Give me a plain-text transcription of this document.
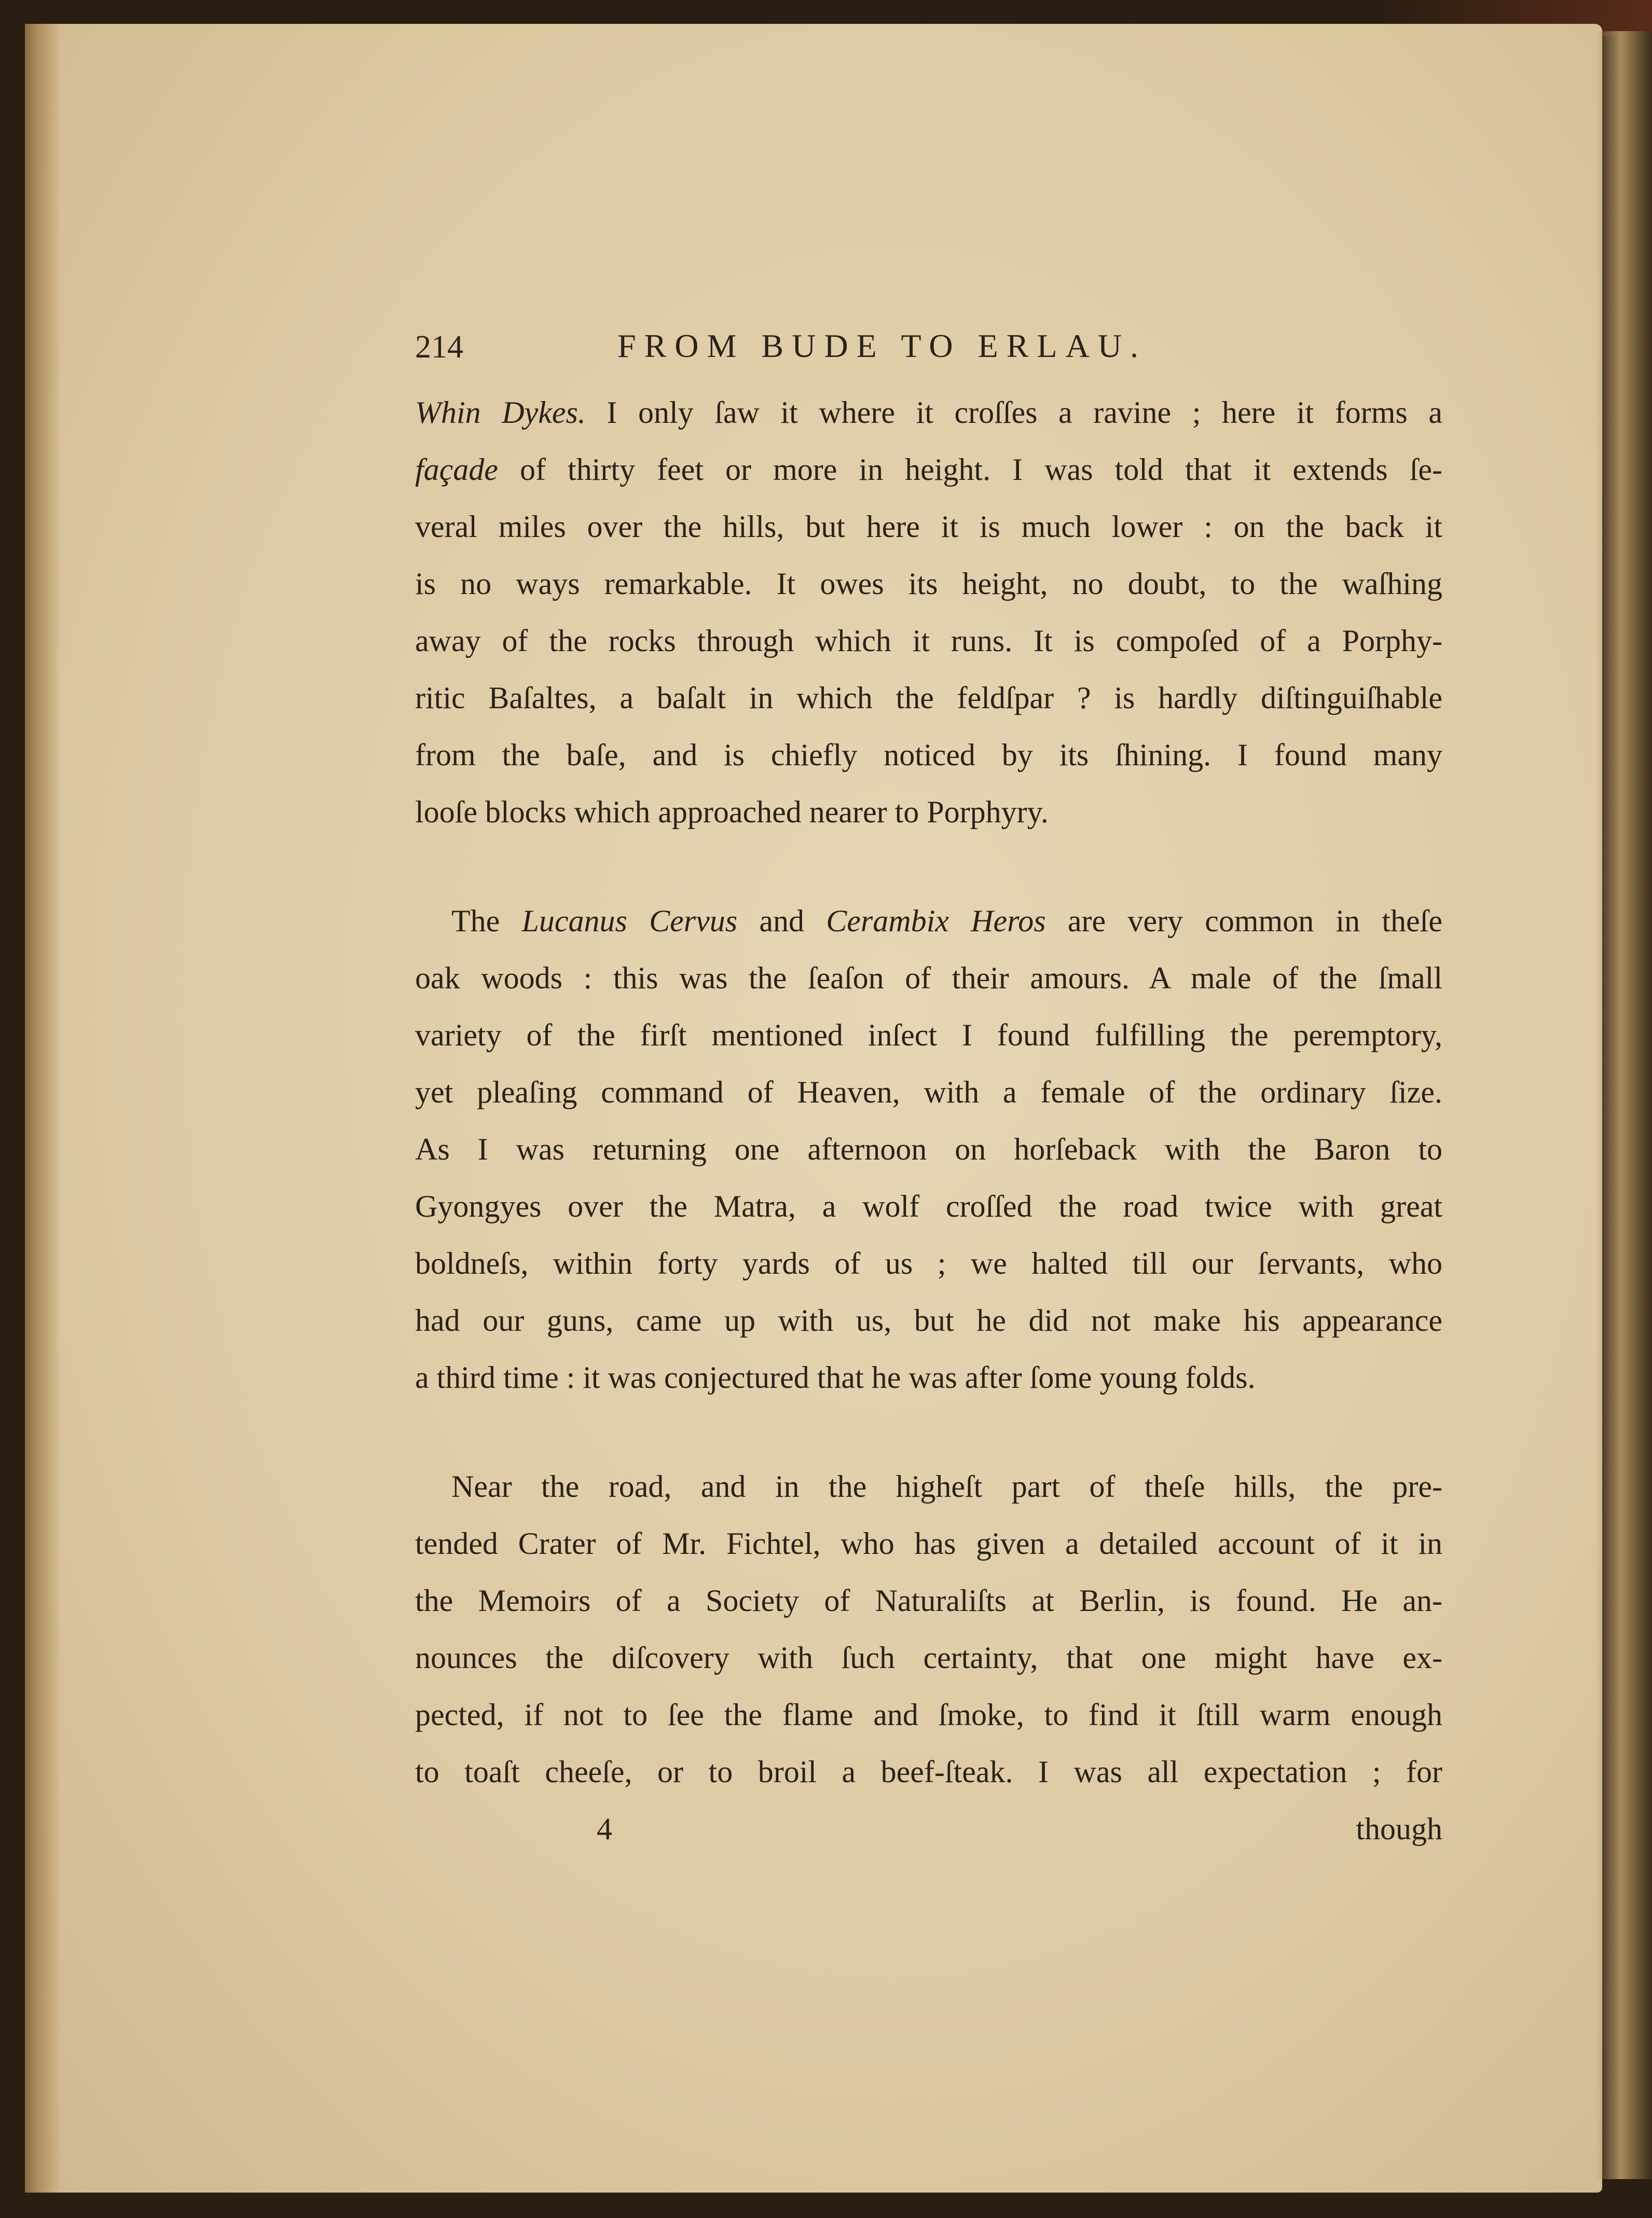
214	FROM BUDE TO ERLAU.

Whin Dykes. I only ſaw it where it croſſes a ravine ; here it forms a

façade of thirty feet or more in height. I was told that it extends ſe-

veral miles over the hills, but here it is much lower : on the back it

is no ways remarkable. It owes its height, no doubt, to the waſhing

away of the rocks through which it runs. It is compoſed of a Porphy-

ritic Baſaltes, a baſalt in which the feldſpar ? is hardly diſtinguiſhable

from the baſe, and is chiefly noticed by its ſhining. I found many

looſe blocks which approached nearer to Porphyry.

The Lucanus Cervus and Cerambix Heros are very common in theſe

oak woods : this was the ſeaſon of their amours. A male of the ſmall

variety of the firſt mentioned inſect I found fulfilling the peremptory,

yet pleaſing command of Heaven, with a female of the ordinary ſize.

As I was returning one afternoon on horſeback with the Baron to

Gyongyes over the Matra, a wolf croſſed the road twice with great

boldneſs, within forty yards of us ; we halted till our ſervants, who

had our guns, came up with us, but he did not make his appearance

a third time : it was conjectured that he was after ſome young folds.

Near the road, and in the higheſt part of theſe hills, the pre-

tended Crater of Mr. Fichtel, who has given a detailed account of it in

the Memoirs of a Society of Naturaliſts at Berlin, is found. He an-

nounces the diſcovery with ſuch certainty, that one might have ex-

pected, if not to ſee the flame and ſmoke, to find it ſtill warm enough

to toaſt cheeſe, or to broil a beef-ſteak. I was all expectation ; for

4	though
